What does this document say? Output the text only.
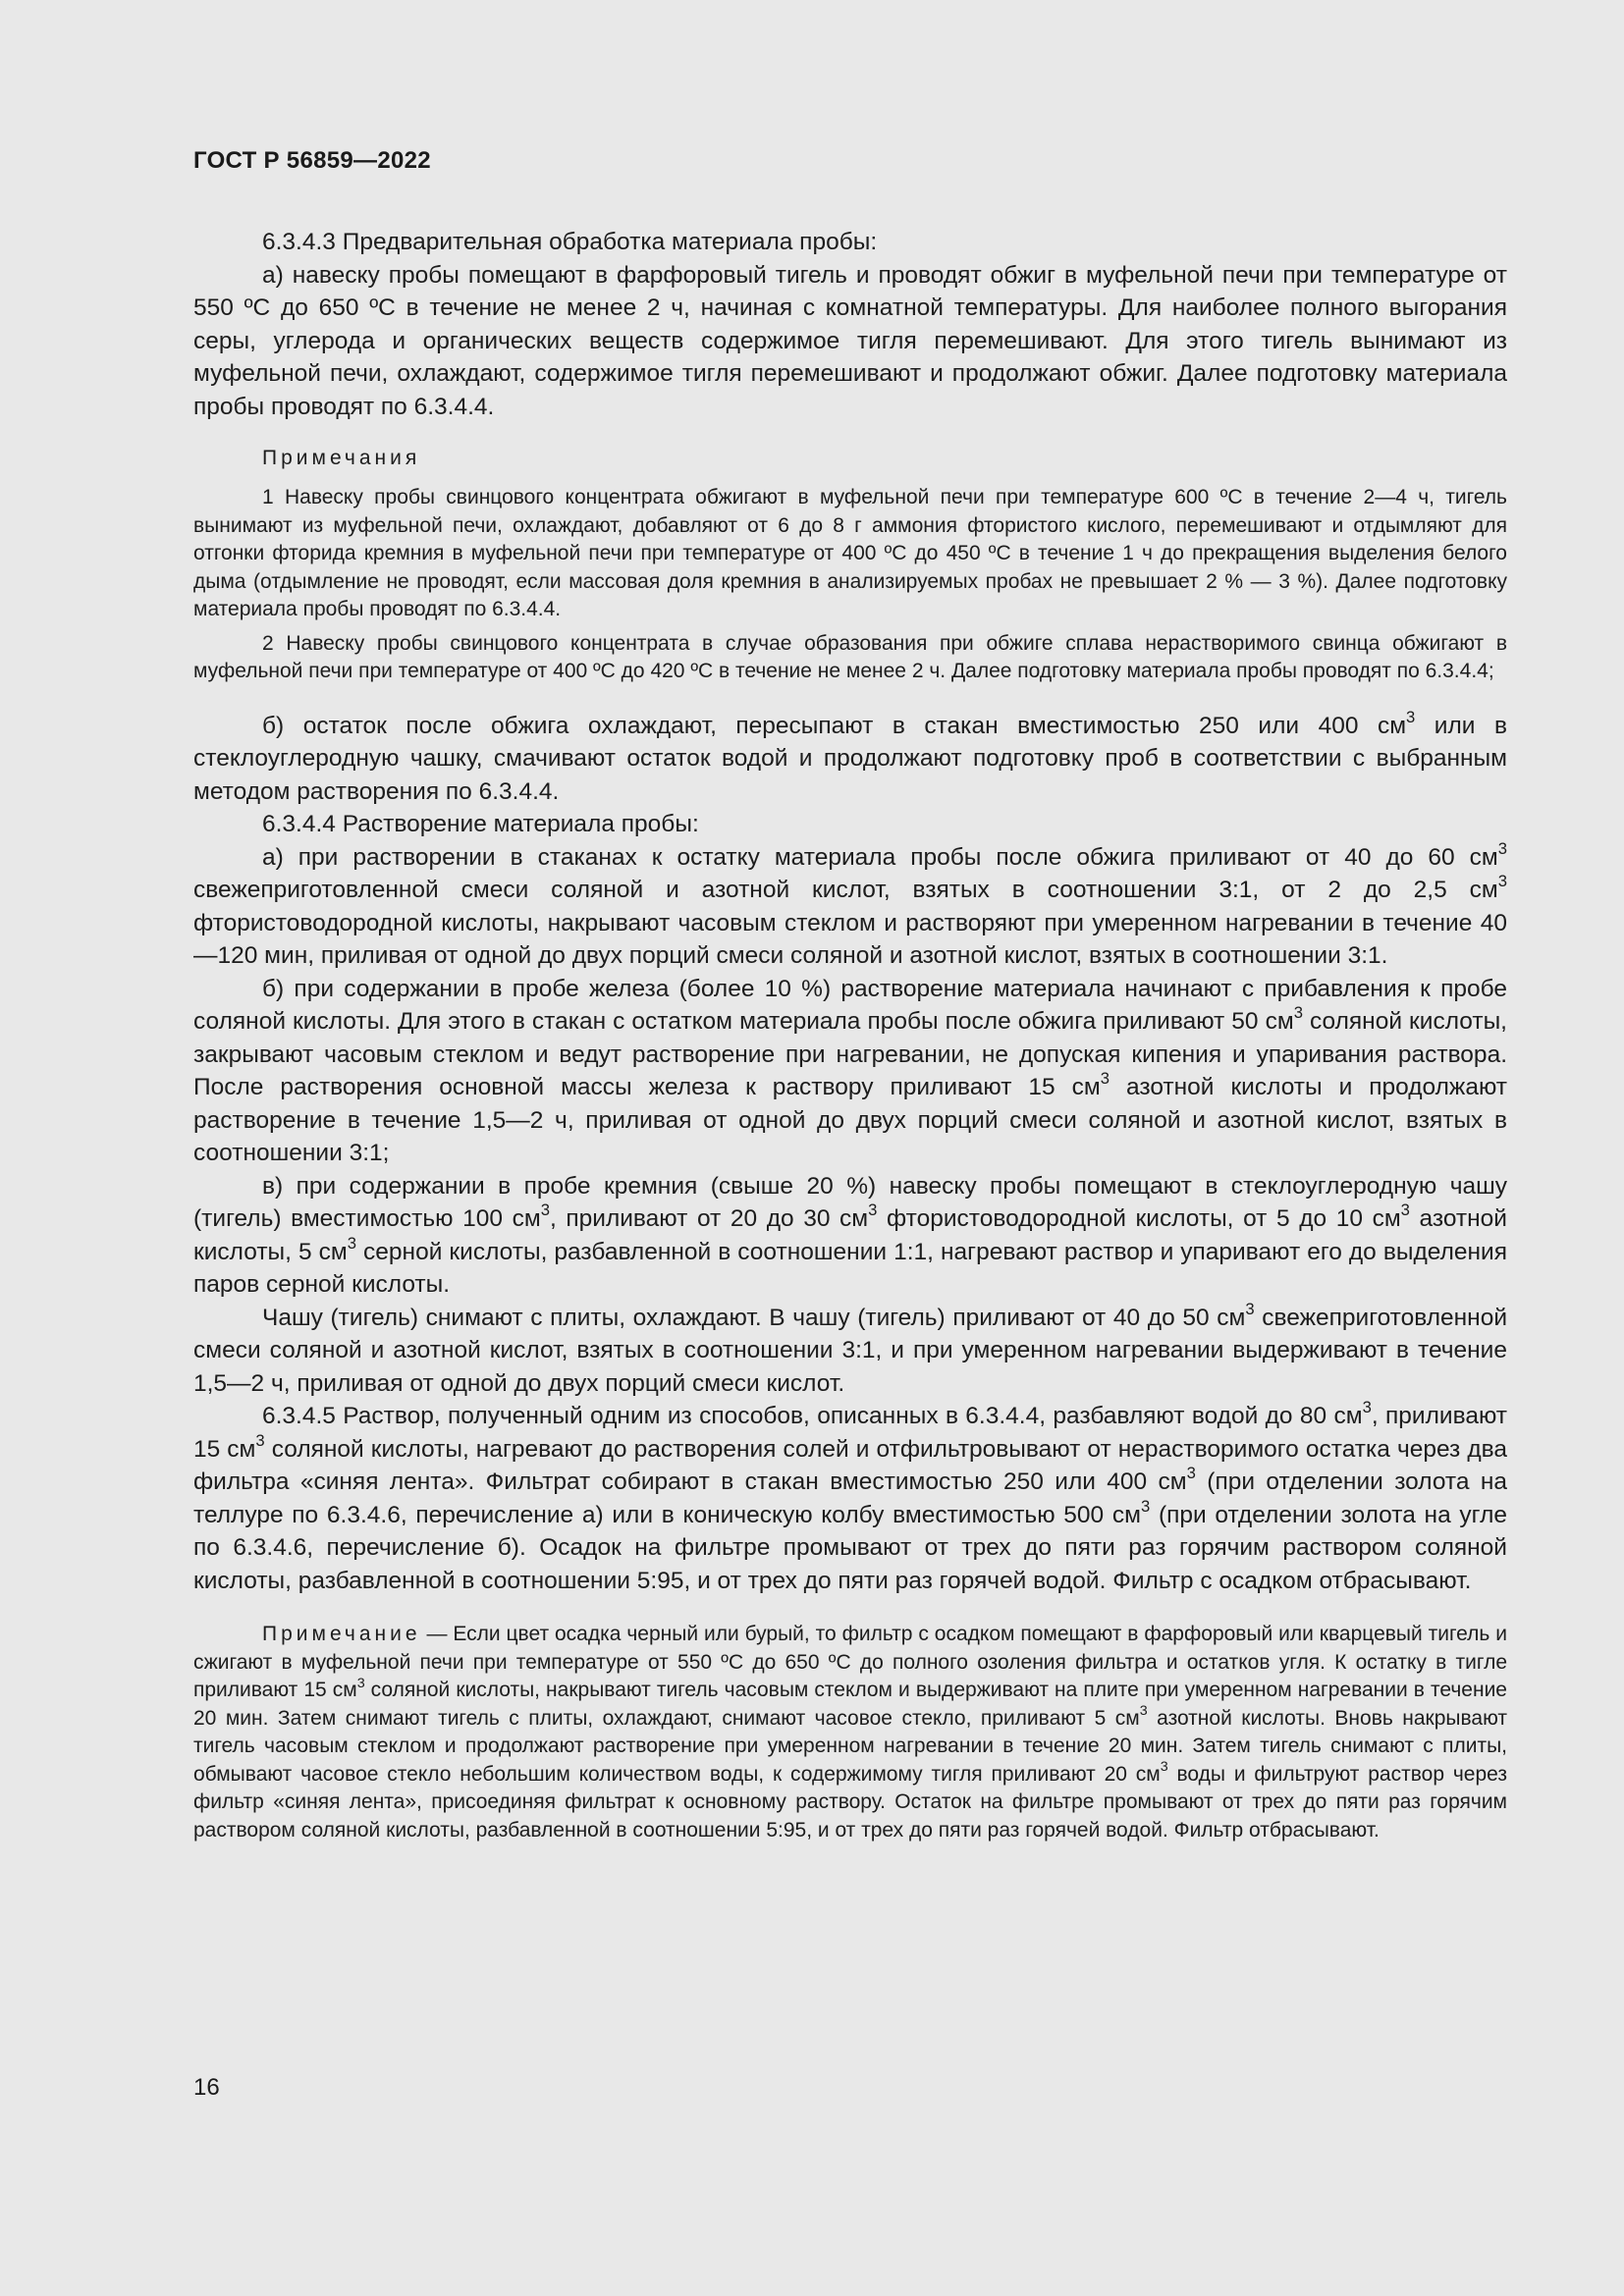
ГОСТ Р 56859—2022

6.3.4.3 Предварительная обработка материала пробы:

а) навеску пробы помещают в фарфоровый тигель и проводят обжиг в муфельной печи при температуре от 550 ºС до 650 ºС в течение не менее 2 ч, начиная с комнатной температуры. Для наиболее полного выгорания серы, углерода и органических веществ содержимое тигля перемешивают. Для этого тигель вынимают из муфельной печи, охлаждают, содержимое тигля перемешивают и продолжают обжиг. Далее подготовку материала пробы проводят по 6.3.4.4.

Примечания

1 Навеску пробы свинцового концентрата обжигают в муфельной печи при температуре 600 ºС в течение 2—4 ч, тигель вынимают из муфельной печи, охлаждают, добавляют от 6 до 8 г аммония фтористого кислого, перемешивают и отдымляют для отгонки фторида кремния в муфельной печи при температуре от 400 ºС до 450 ºС в течение 1 ч до прекращения выделения белого дыма (отдымление не проводят, если массовая доля кремния в анализируемых пробах не превышает 2 % — 3 %). Далее подготовку материала пробы проводят по 6.3.4.4.

2 Навеску пробы свинцового концентрата в случае образования при обжиге сплава нерастворимого свинца обжигают в муфельной печи при температуре от 400 ºС до 420 ºС в течение не менее 2 ч. Далее подготовку материала пробы проводят по 6.3.4.4;

б) остаток после обжига охлаждают, пересыпают в стакан вместимостью 250 или 400 $см^3$ или в стеклоуглеродную чашку, смачивают остаток водой и продолжают подготовку проб в соответствии с выбранным методом растворения по 6.3.4.4.

6.3.4.4 Растворение материала пробы:

а) при растворении в стаканах к остатку материала пробы после обжига приливают от 40 до 60 $см^3$ свежеприготовленной смеси соляной и азотной кислот, взятых в соотношении 3:1, от 2 до 2,5 $см^3$ фтористоводородной кислоты, накрывают часовым стеклом и растворяют при умеренном нагревании в течение 40—120 мин, приливая от одной до двух порций смеси соляной и азотной кислот, взятых в соотношении 3:1.

б) при содержании в пробе железа (более 10 %) растворение материала начинают с прибавления к пробе соляной кислоты. Для этого в стакан с остатком материала пробы после обжига приливают 50 $см^3$ соляной кислоты, закрывают часовым стеклом и ведут растворение при нагревании, не допуская кипения и упаривания раствора. После растворения основной массы железа к раствору приливают 15 $см^3$ азотной кислоты и продолжают растворение в течение 1,5—2 ч, приливая от одной до двух порций смеси соляной и азотной кислот, взятых в соотношении 3:1;

в) при содержании в пробе кремния (свыше 20 %) навеску пробы помещают в стеклоуглеродную чашу (тигель) вместимостью 100 $см^3$, приливают от 20 до 30 $см^3$ фтористоводородной кислоты, от 5 до 10 $см^3$ азотной кислоты, 5 $см^3$ серной кислоты, разбавленной в соотношении 1:1, нагревают раствор и упаривают его до выделения паров серной кислоты.

Чашу (тигель) снимают с плиты, охлаждают. В чашу (тигель) приливают от 40 до 50 $см^3$ свежеприготовленной смеси соляной и азотной кислот, взятых в соотношении 3:1, и при умеренном нагревании выдерживают в течение 1,5—2 ч, приливая от одной до двух порций смеси кислот.

6.3.4.5 Раствор, полученный одним из способов, описанных в 6.3.4.4, разбавляют водой до 80 $см^3$, приливают 15 $см^3$ соляной кислоты, нагревают до растворения солей и отфильтровывают от нерастворимого остатка через два фильтра «синяя лента». Фильтрат собирают в стакан вместимостью 250 или 400 $см^3$ (при отделении золота на теллуре по 6.3.4.6, перечисление а) или в коническую колбу вместимостью 500 $см^3$ (при отделении золота на угле по 6.3.4.6, перечисление б). Осадок на фильтре промывают от трех до пяти раз горячим раствором соляной кислоты, разбавленной в соотношении 5:95, и от трех до пяти раз горячей водой. Фильтр с осадком отбрасывают.

Примечание — Если цвет осадка черный или бурый, то фильтр с осадком помещают в фарфоровый или кварцевый тигель и сжигают в муфельной печи при температуре от 550 ºС до 650 ºС до полного озоления фильтра и остатков угля. К остатку в тигле приливают 15 $см^3$ соляной кислоты, накрывают тигель часовым стеклом и выдерживают на плите при умеренном нагревании в течение 20 мин. Затем снимают тигель с плиты, охлаждают, снимают часовое стекло, приливают 5 $см^3$ азотной кислоты. Вновь накрывают тигель часовым стеклом и продолжают растворение при умеренном нагревании в течение 20 мин. Затем тигель снимают с плиты, обмывают часовое стекло небольшим количеством воды, к содержимому тигля приливают 20 $см^3$ воды и фильтруют раствор через фильтр «синяя лента», присоединяя фильтрат к основному раствору. Остаток на фильтре промывают от трех до пяти раз горячим раствором соляной кислоты, разбавленной в соотношении 5:95, и от трех до пяти раз горячей водой. Фильтр отбрасывают.

16
